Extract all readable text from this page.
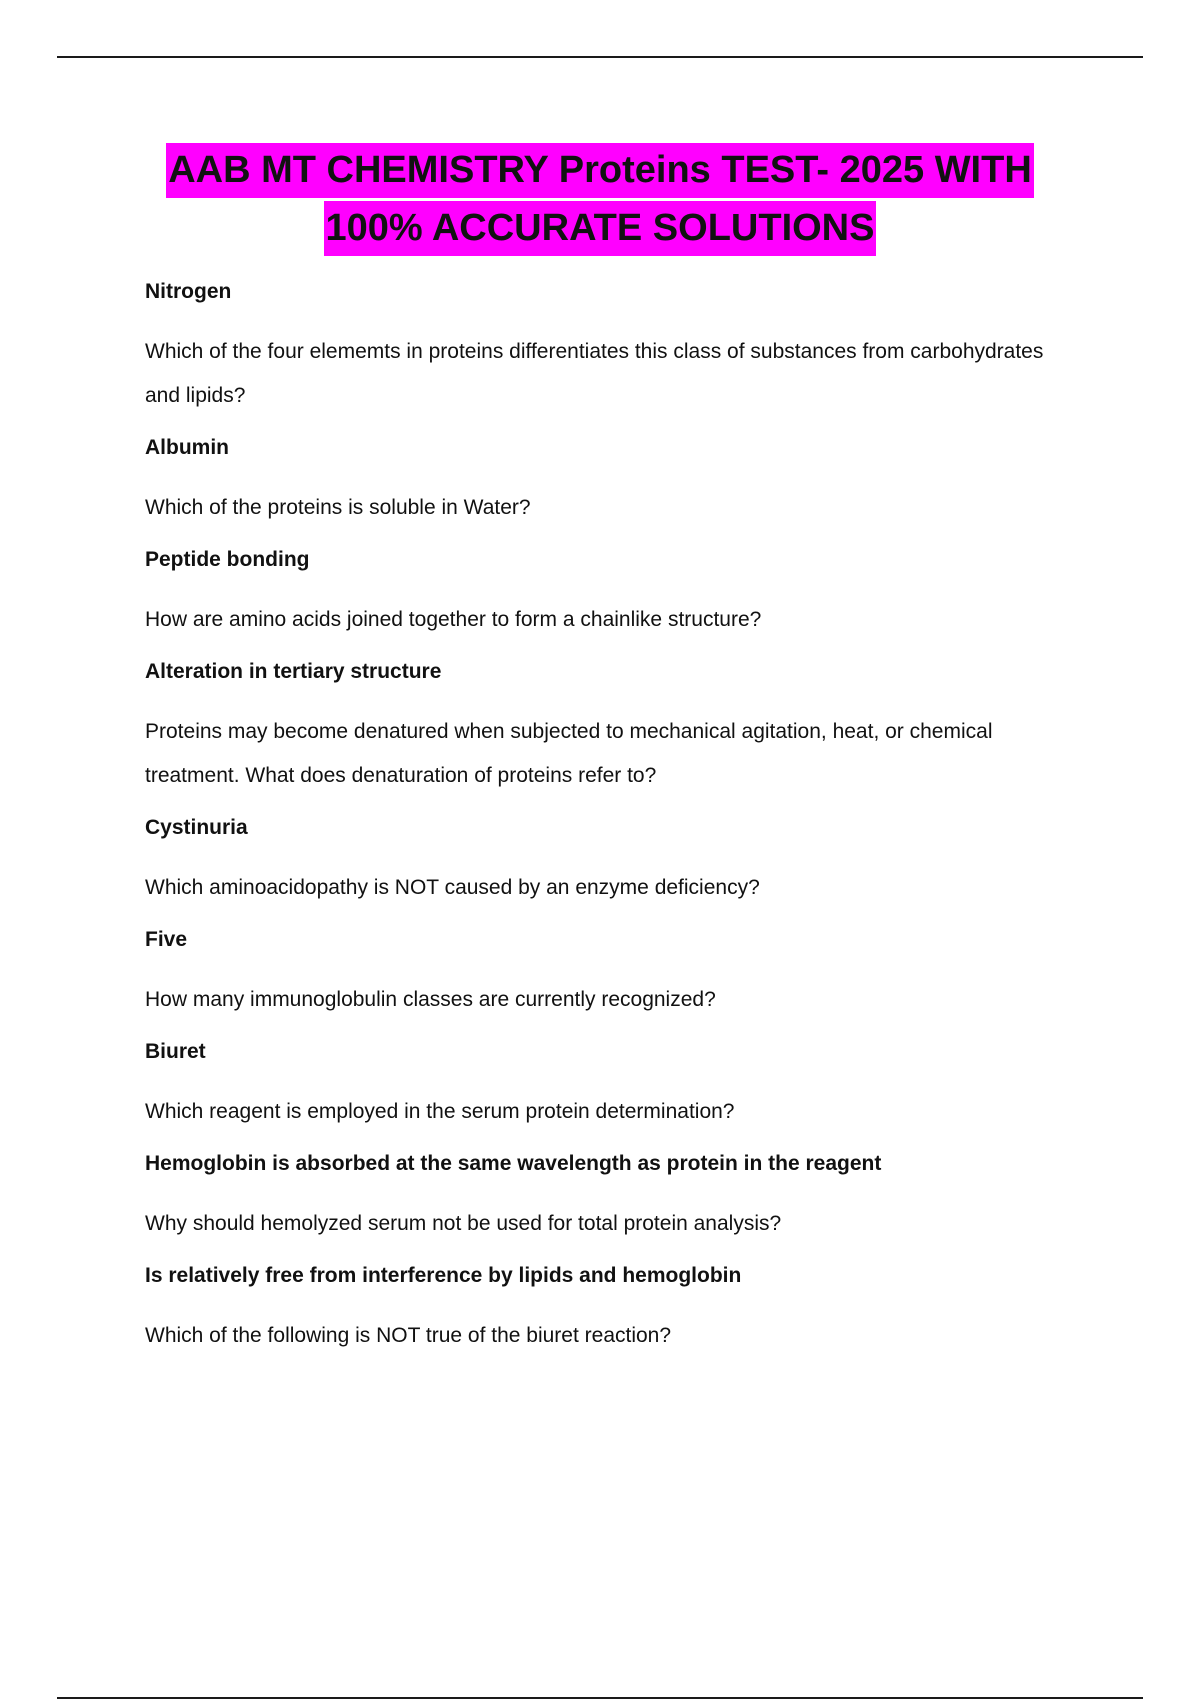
AAB MT CHEMISTRY Proteins TEST- 2025 WITH
100% ACCURATE SOLUTIONS
Nitrogen
Which of the four elememts in proteins differentiates this class of substances from carbohydrates and lipids?
Albumin
Which of the proteins is soluble in Water?
Peptide bonding
How are amino acids joined together to form a chainlike structure?
Alteration in tertiary structure
Proteins may become denatured when subjected to mechanical agitation, heat, or chemical treatment. What does denaturation of proteins refer to?
Cystinuria
Which aminoacidopathy is NOT caused by an enzyme deficiency?
Five
How many immunoglobulin classes are currently recognized?
Biuret
Which reagent is employed in the serum protein determination?
Hemoglobin is absorbed at the same wavelength as protein in the reagent
Why should hemolyzed serum not be used for total protein analysis?
Is relatively free from interference by lipids and hemoglobin
Which of the following is NOT true of the biuret reaction?
